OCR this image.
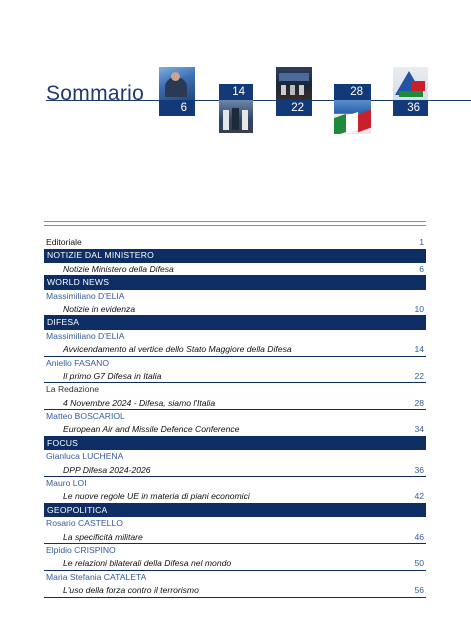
Sommario
6
14
22
28
36
Editoriale	1
NOTIZIE DAL MINISTERO
Notizie Ministero della Difesa	6
WORLD NEWS
Massimiliano D'ELIA
Notizie in evidenza	10
DIFESA
Massimiliano D'ELIA
Avvicendamento al vertice dello Stato Maggiore della Difesa	14
Aniello FASANO
Il primo G7 Difesa in Italia	22
La Redazione
4 Novembre 2024 - Difesa, siamo l'Italia	28
Matteo BOSCARIOL
European Air and Missile Defence Conference	34
FOCUS
Gianluca LUCHENA
DPP Difesa 2024-2026	36
Mauro LOI
Le nuove regole UE in materia di piani economici	42
GEOPOLITICA
Rosario CASTELLO
La specificità militare	46
Elpidio CRISPINO
Le relazioni bilaterali della Difesa nel mondo	50
Maria Stefania CATALETA
L'uso della forza contro il terrorismo	56
